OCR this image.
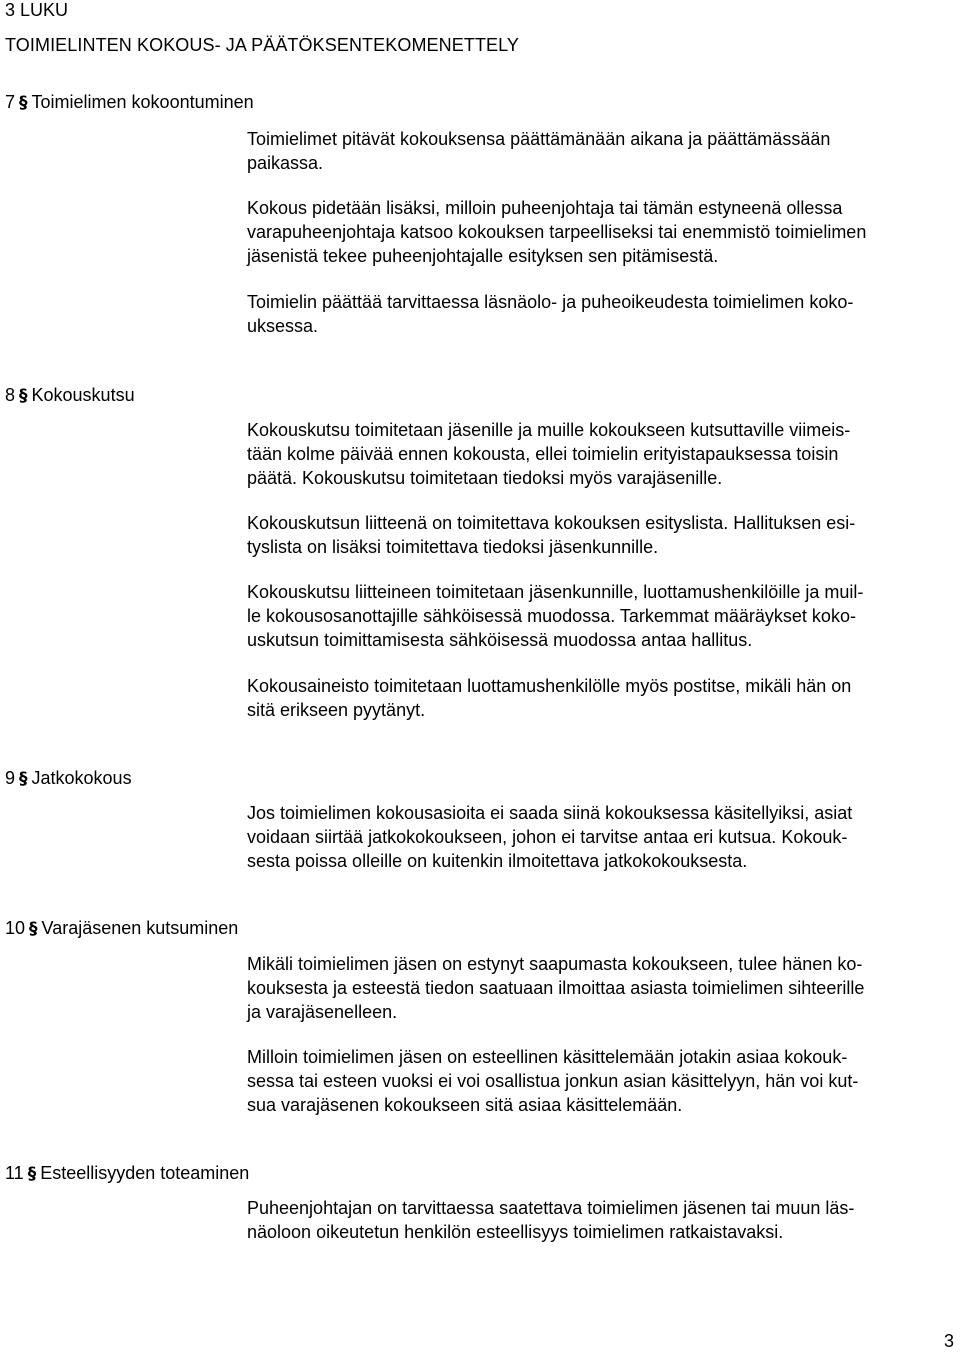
3 LUKU
TOIMIELINTEN KOKOUS- JA PÄÄTÖKSENTEKOMENETTELY
7 § Toimielimen kokoontuminen

Toimielimet pitävät kokouksensa päättämänään aikana ja päättämässään
paikassa.

Kokous pidetään lisäksi, milloin puheenjohtaja tai tämän estyneenä ollessa
varapuheenjohtaja katsoo kokouksen tarpeelliseksi tai enemmistö toimielimen
jäsenistä tekee puheenjohtajalle esityksen sen pitämisestä.

Toimielin päättää tarvittaessa läsnäolo- ja puheoikeudesta toimielimen koko-
uksessa.

8 § Kokouskutsu

Kokouskutsu toimitetaan jäsenille ja muille kokoukseen kutsuttaville viimeis-
tään kolme päivää ennen kokousta, ellei toimielin erityistapauksessa toisin
päätä. Kokouskutsu toimitetaan tiedoksi myös varajäsenille.

Kokouskutsun liitteenä on toimitettava kokouksen esityslista. Hallituksen esi-
tyslista on lisäksi toimitettava tiedoksi jäsenkunnille.

Kokouskutsu liitteineen toimitetaan jäsenkunnille, luottamushenkilöille ja muil-
le kokousosanottajille sähköisessä muodossa. Tarkemmat määräykset koko-
uskutsun toimittamisesta sähköisessä muodossa antaa hallitus.

Kokousaineisto toimitetaan luottamushenkilölle myös postitse, mikäli hän on
sitä erikseen pyytänyt.

9 § Jatkokokous

Jos toimielimen kokousasioita ei saada siinä kokouksessa käsitellyiksi, asiat
voidaan siirtää jatkokokoukseen, johon ei tarvitse antaa eri kutsua. Kokouk-
sesta poissa olleille on kuitenkin ilmoitettava jatkokokouksesta.

10 § Varajäsenen kutsuminen

Mikäli toimielimen jäsen on estynyt saapumasta kokoukseen, tulee hänen ko-
kouksesta ja esteestä tiedon saatuaan ilmoittaa asiasta toimielimen sihteerille
ja varajäsenelleen.

Milloin toimielimen jäsen on esteellinen käsittelemään jotakin asiaa kokouk-
sessa tai esteen vuoksi ei voi osallistua jonkun asian käsittelyyn, hän voi kut-
sua varajäsenen kokoukseen sitä asiaa käsittelemään.

11 § Esteellisyyden toteaminen

Puheenjohtajan on tarvittaessa saatettava toimielimen jäsenen tai muun läs-
näoloon oikeutetun henkilön esteellisyys toimielimen ratkaistavaksi.

3
